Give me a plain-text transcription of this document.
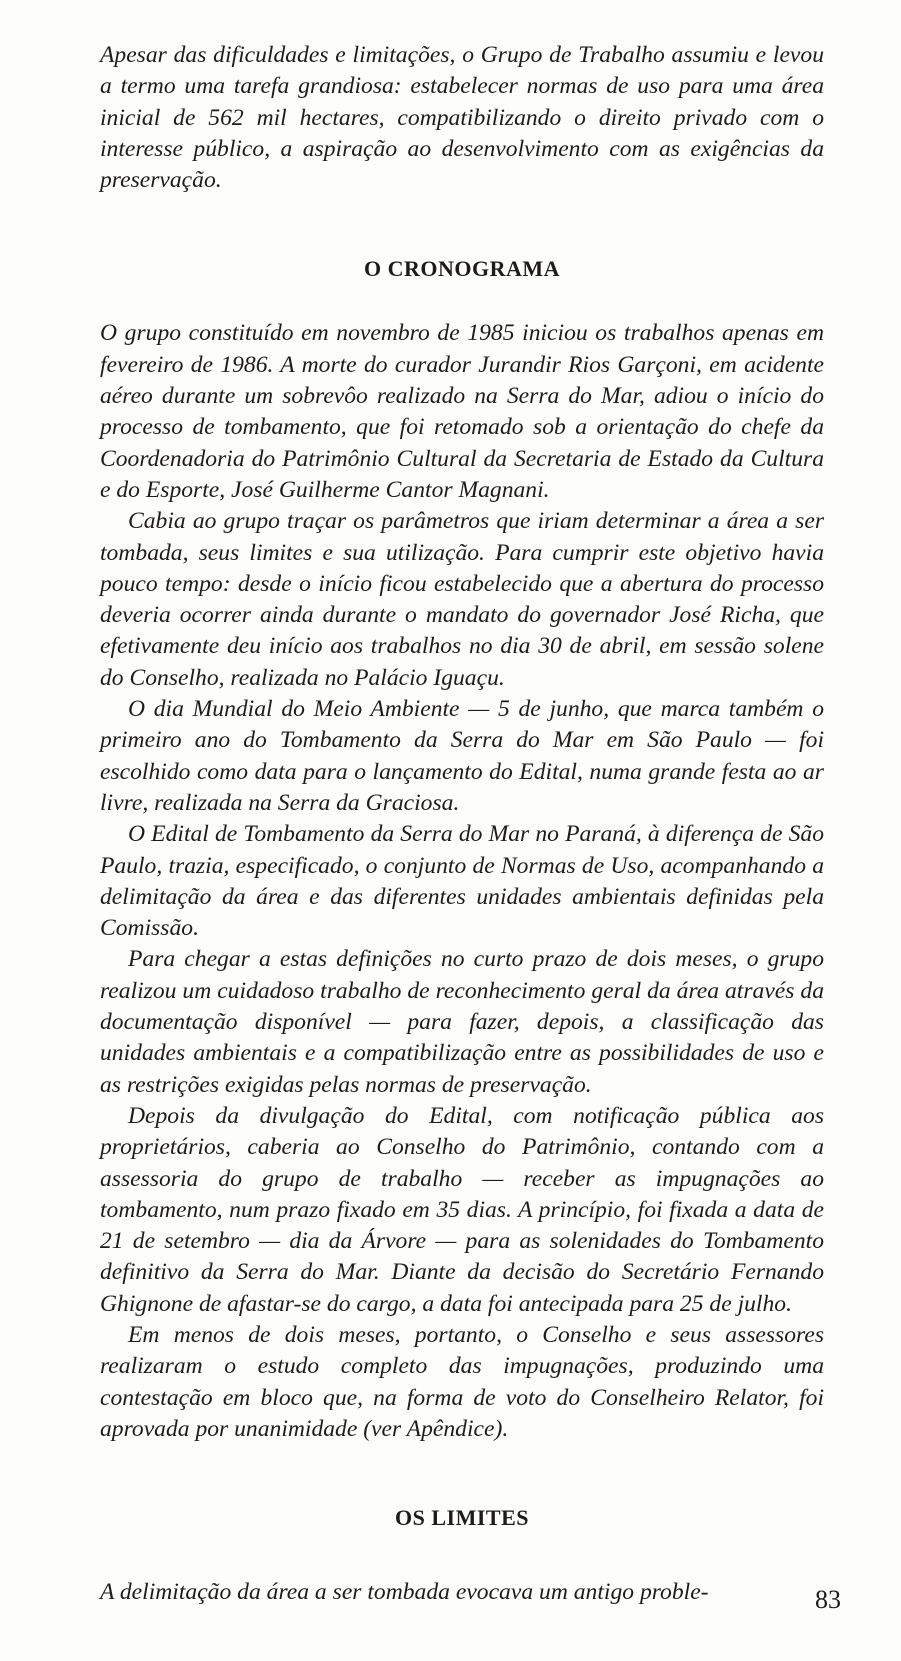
Apesar das dificuldades e limitações, o Grupo de Trabalho assumiu e levou a termo uma tarefa grandiosa: estabelecer normas de uso para uma área inicial de 562 mil hectares, compatibilizando o direito privado com o interesse público, a aspiração ao desenvolvimento com as exigências da preservação.

O CRONOGRAMA

O grupo constituído em novembro de 1985 iniciou os trabalhos apenas em fevereiro de 1986. A morte do curador Jurandir Rios Garçoni, em acidente aéreo durante um sobrevôo realizado na Serra do Mar, adiou o início do processo de tombamento, que foi retomado sob a orientação do chefe da Coordenadoria do Patrimônio Cultural da Secretaria de Estado da Cultura e do Esporte, José Guilherme Cantor Magnani.

Cabia ao grupo traçar os parâmetros que iriam determinar a área a ser tombada, seus limites e sua utilização. Para cumprir este objetivo havia pouco tempo: desde o início ficou estabelecido que a abertura do processo deveria ocorrer ainda durante o mandato do governador José Richa, que efetivamente deu início aos trabalhos no dia 30 de abril, em sessão solene do Conselho, realizada no Palácio Iguaçu.

O dia Mundial do Meio Ambiente — 5 de junho, que marca também o primeiro ano do Tombamento da Serra do Mar em São Paulo — foi escolhido como data para o lançamento do Edital, numa grande festa ao ar livre, realizada na Serra da Graciosa.

O Edital de Tombamento da Serra do Mar no Paraná, à diferença de São Paulo, trazia, especificado, o conjunto de Normas de Uso, acompanhando a delimitação da área e das diferentes unidades ambientais definidas pela Comissão.

Para chegar a estas definições no curto prazo de dois meses, o grupo realizou um cuidadoso trabalho de reconhecimento geral da área através da documentação disponível — para fazer, depois, a classificação das unidades ambientais e a compatibilização entre as possibilidades de uso e as restrições exigidas pelas normas de preservação.

Depois da divulgação do Edital, com notificação pública aos proprietários, caberia ao Conselho do Patrimônio, contando com a assessoria do grupo de trabalho — receber as impugnações ao tombamento, num prazo fixado em 35 dias. A princípio, foi fixada a data de 21 de setembro — dia da Árvore — para as solenidades do Tombamento definitivo da Serra do Mar. Diante da decisão do Secretário Fernando Ghignone de afastar-se do cargo, a data foi antecipada para 25 de julho.

Em menos de dois meses, portanto, o Conselho e seus assessores realizaram o estudo completo das impugnações, produzindo uma contestação em bloco que, na forma de voto do Conselheiro Relator, foi aprovada por unanimidade (ver Apêndice).

OS LIMITES

A delimitação da área a ser tombada evocava um antigo proble-	83
